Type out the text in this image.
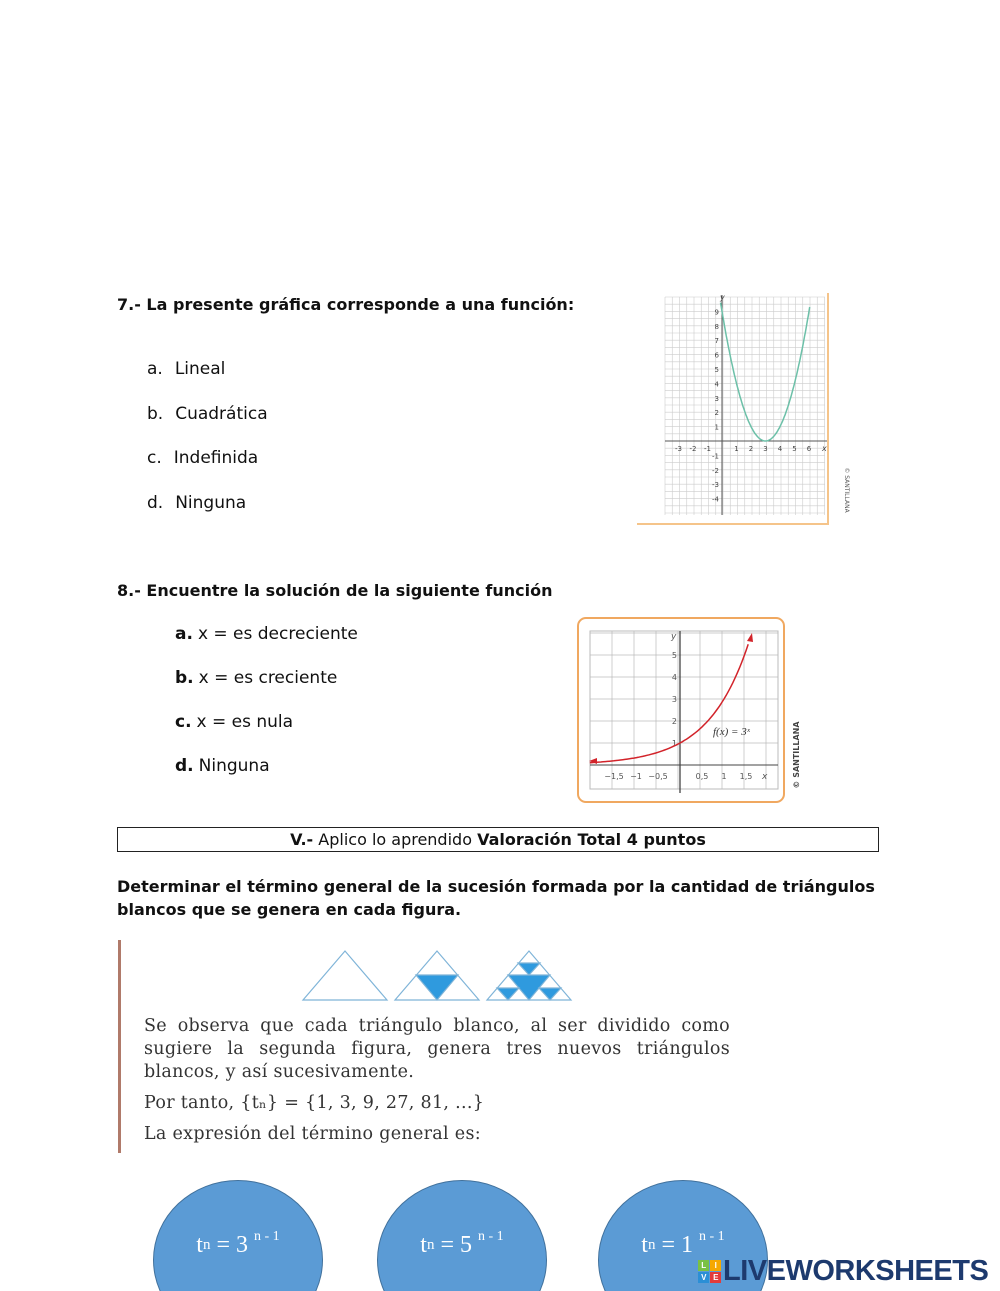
7.- La presente gráfica corresponde a una función:
a. Lineal
b. Cuadrática
c. Indefinida
d. Ninguna
-3 -2 -1	1 2 3 4 5 6
1
2
3
4
5
6
7
8
9
-1
-2
-3
-4
x
y
© SANTILLANA
8.- Encuentre la solución de la siguiente función
a. x = es decreciente
b. x = es creciente
c. x = es nula
d. Ninguna
−1,5 −1 −0,5	0,5 1 1,5
1
2
3
4
5
x
y
f(x) = 3ˣ	© SANTILLANA
V.- Aplico lo aprendido Valoración Total 4 puntos
Determinar el término general de la sucesión formada por la cantidad de triángulos blancos que se genera en cada figura.
Se observa que cada triángulo blanco, al ser dividido como sugiere la segunda figura, genera tres nuevos triángulos blancos, y así sucesivamente.
Por tanto, {tₙ} = {1, 3, 9, 27, 81, ...}
La expresión del término general es:
t n = 3 $^{n - 1}$	t n = 5 $^{n - 1}$	t n = 1 $^{n - 1}$
L	I
V E LIVEWORKSHEETS
